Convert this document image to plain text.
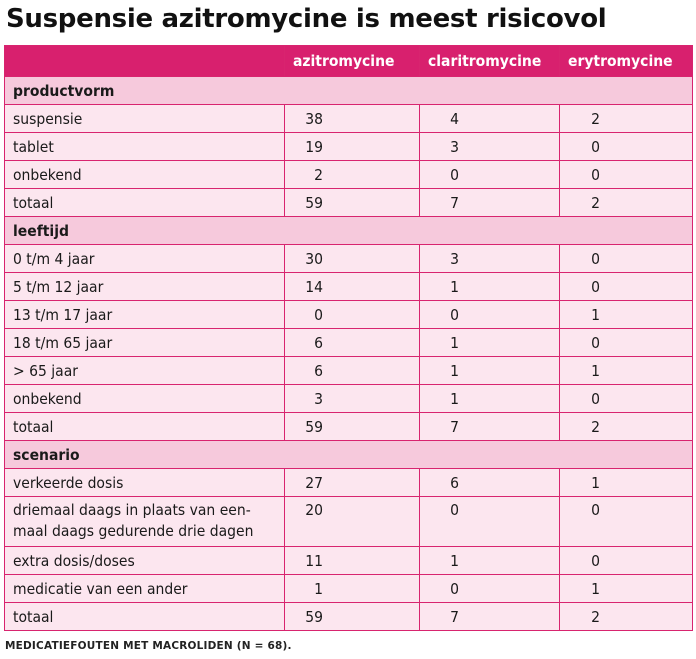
Suspensie azitromycine is meest risicovol
	azitromycine	claritromycine	erytromycine
productvorm			
suspensie	38	4	2
tablet	19	3	0
onbekend	2	0	0
totaal	59	7	2
leeftijd			
0 t/m 4 jaar	30	3	0
5 t/m 12 jaar	14	1	0
13 t/m 17 jaar	0	0	1
18 t/m 65 jaar	6	1	0
> 65 jaar	6	1	1
onbekend	3	1	0
totaal	59	7	2
scenario			
verkeerde dosis	27	6	1
driemaal daags in plaats van een-
maal daags gedurende drie dagen	20	0	0
extra dosis/doses	11	1	0
medicatie van een ander	1	0	1
totaal	59	7	2
MEDICATIEFOUTEN MET MACROLIDEN (N = 68).
